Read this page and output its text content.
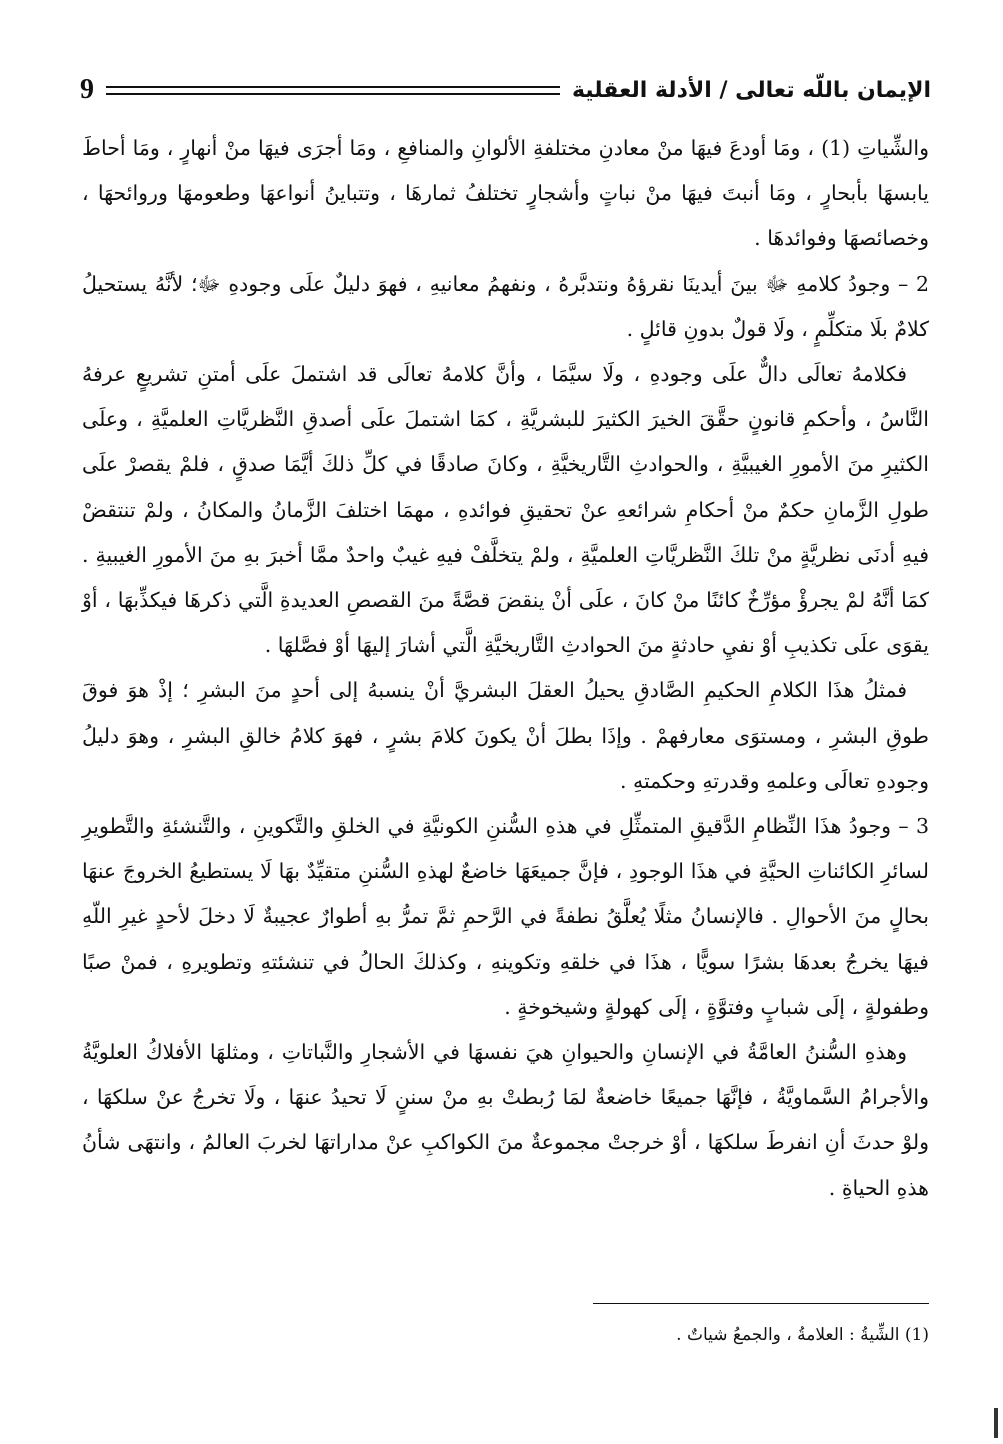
الإيمان باللّه تعالى / الأدلة العقلية
9

والشِّياتِ (1) ، ومَا أودعَ فيهَا منْ معادنِ مختلفةِ الألوانِ والمنافعِ ، ومَا أجرَى فيهَا منْ أنهارٍ ، ومَا أحاطَ يابسهَا بأبحارٍ ، ومَا أنبتَ فيهَا منْ نباتٍ وأشجارٍ تختلفُ ثمارهَا ، وتتباينُ أنواعهَا وطعومهَا وروائحهَا ، وخصائصهَا وفوائدهَا .

2 – وجودُ كلامهِ ﷻ بينَ أيدينَا نقرؤهُ ونتدبَّرهُ ، ونفهمُ معانيهِ ، فهوَ دليلٌ علَى وجودهِ ﷻ؛ لأنَّهُ يستحيلُ كلامٌ بلَا متكلِّمٍ ، ولَا قولٌ بدونِ قائلٍ .

فكلامهُ تعالَى دالٌّ علَى وجودهِ ، ولَا سيَّمَا ، وأنَّ كلامهُ تعالَى قد اشتملَ علَى أمتنِ تشريعٍ عرفهُ النَّاسُ ، وأحكمِ قانونٍ حقَّقَ الخيرَ الكثيرَ للبشريَّةِ ، كمَا اشتملَ علَى أصدقِ النَّظريَّاتِ العلميَّةِ ، وعلَى الكثيرِ منَ الأمورِ الغيبيَّةِ ، والحوادثِ التَّاريخيَّةِ ، وكانَ صادقًا في كلِّ ذلكَ أيَّمَا صدقٍ ، فلمْ يقصرْ علَى طولِ الزَّمانِ حكمٌ منْ أحكامِ شرائعهِ عنْ تحقيقِ فوائدهِ ، مهمَا اختلفَ الزَّمانُ والمكانُ ، ولمْ تنتقضْ فيهِ أدنَى نظريَّةٍ منْ تلكَ النَّظريَّاتِ العلميَّةِ ، ولمْ يتخلَّفْ فيهِ غيبٌ واحدٌ ممَّا أخبرَ بهِ منَ الأمورِ الغيبيةِ . كمَا أنَّهُ لمْ يجرؤْ مؤرِّخٌ كائنًا منْ كانَ ، علَى أنْ ينقضَ قصَّةً منَ القصصِ العديدةِ الَّتي ذكرهَا فيكذِّبهَا ، أوْ يقوَى علَى تكذيبِ أوْ نفيِ حادثةٍ منَ الحوادثِ التَّاريخيَّةِ الَّتي أشارَ إليهَا أوْ فصَّلهَا .

فمثلُ هذَا الكلامِ الحكيمِ الصَّادقِ يحيلُ العقلَ البشريَّ أنْ ينسبهُ إلى أحدٍ منَ البشرِ ؛ إذْ هوَ فوقَ طوقِ البشرِ ، ومستوَى معارفهمْ . وإذَا بطلَ أنْ يكونَ كلامَ بشرٍ ، فهوَ كلامُ خالقِ البشرِ ، وهوَ دليلُ وجودهِ تعالَى وعلمهِ وقدرتهِ وحكمتهِ .

3 – وجودُ هذَا النِّظامِ الدَّقيقِ المتمثِّلِ في هذهِ السُّننِ الكونيَّةِ في الخلقِ والتَّكوينِ ، والتَّنشئةِ والتَّطويرِ لسائرِ الكائناتِ الحيَّةِ في هذَا الوجودِ ، فإنَّ جميعَهَا خاضعٌ لهذهِ السُّننِ متقيِّدٌ بهَا لَا يستطيعُ الخروجَ عنهَا بحالٍ منَ الأحوالِ . فالإنسانُ مثلًا يُعلَّقُ نطفةً في الرَّحمِ ثمَّ تمرُّ بهِ أطوارٌ عجيبةٌ لَا دخلَ لأحدٍ غيرِ اللّهِ فيهَا يخرجُ بعدهَا بشرًا سويًّا ، هذَا في خلقهِ وتكوينهِ ، وكذلكَ الحالُ في تنشئتهِ وتطويرهِ ، فمنْ صبًا وطفولةٍ ، إلَى شبابٍ وفتوَّةٍ ، إلَى كهولةٍ وشيخوخةٍ .

وهذهِ السُّننُ العامَّةُ في الإنسانِ والحيوانِ هيَ نفسهَا في الأشجارِ والنَّباتاتِ ، ومثلهَا الأفلاكُ العلويَّةُ والأجرامُ السَّماويَّةُ ، فإنَّهَا جميعًا خاضعةٌ لمَا رُبطتْ بهِ منْ سننٍ لَا تحيدُ عنهَا ، ولَا تخرجُ عنْ سلكهَا ، ولوْ حدثَ أنِ انفرطَ سلكهَا ، أوْ خرجتْ مجموعةٌ منَ الكواكبِ عنْ مداراتهَا لخربَ العالمُ ، وانتهَى شأنُ هذهِ الحياةِ .

(1) الشِّيةُ : العلامةُ ، والجمعُ شياتٌ .
